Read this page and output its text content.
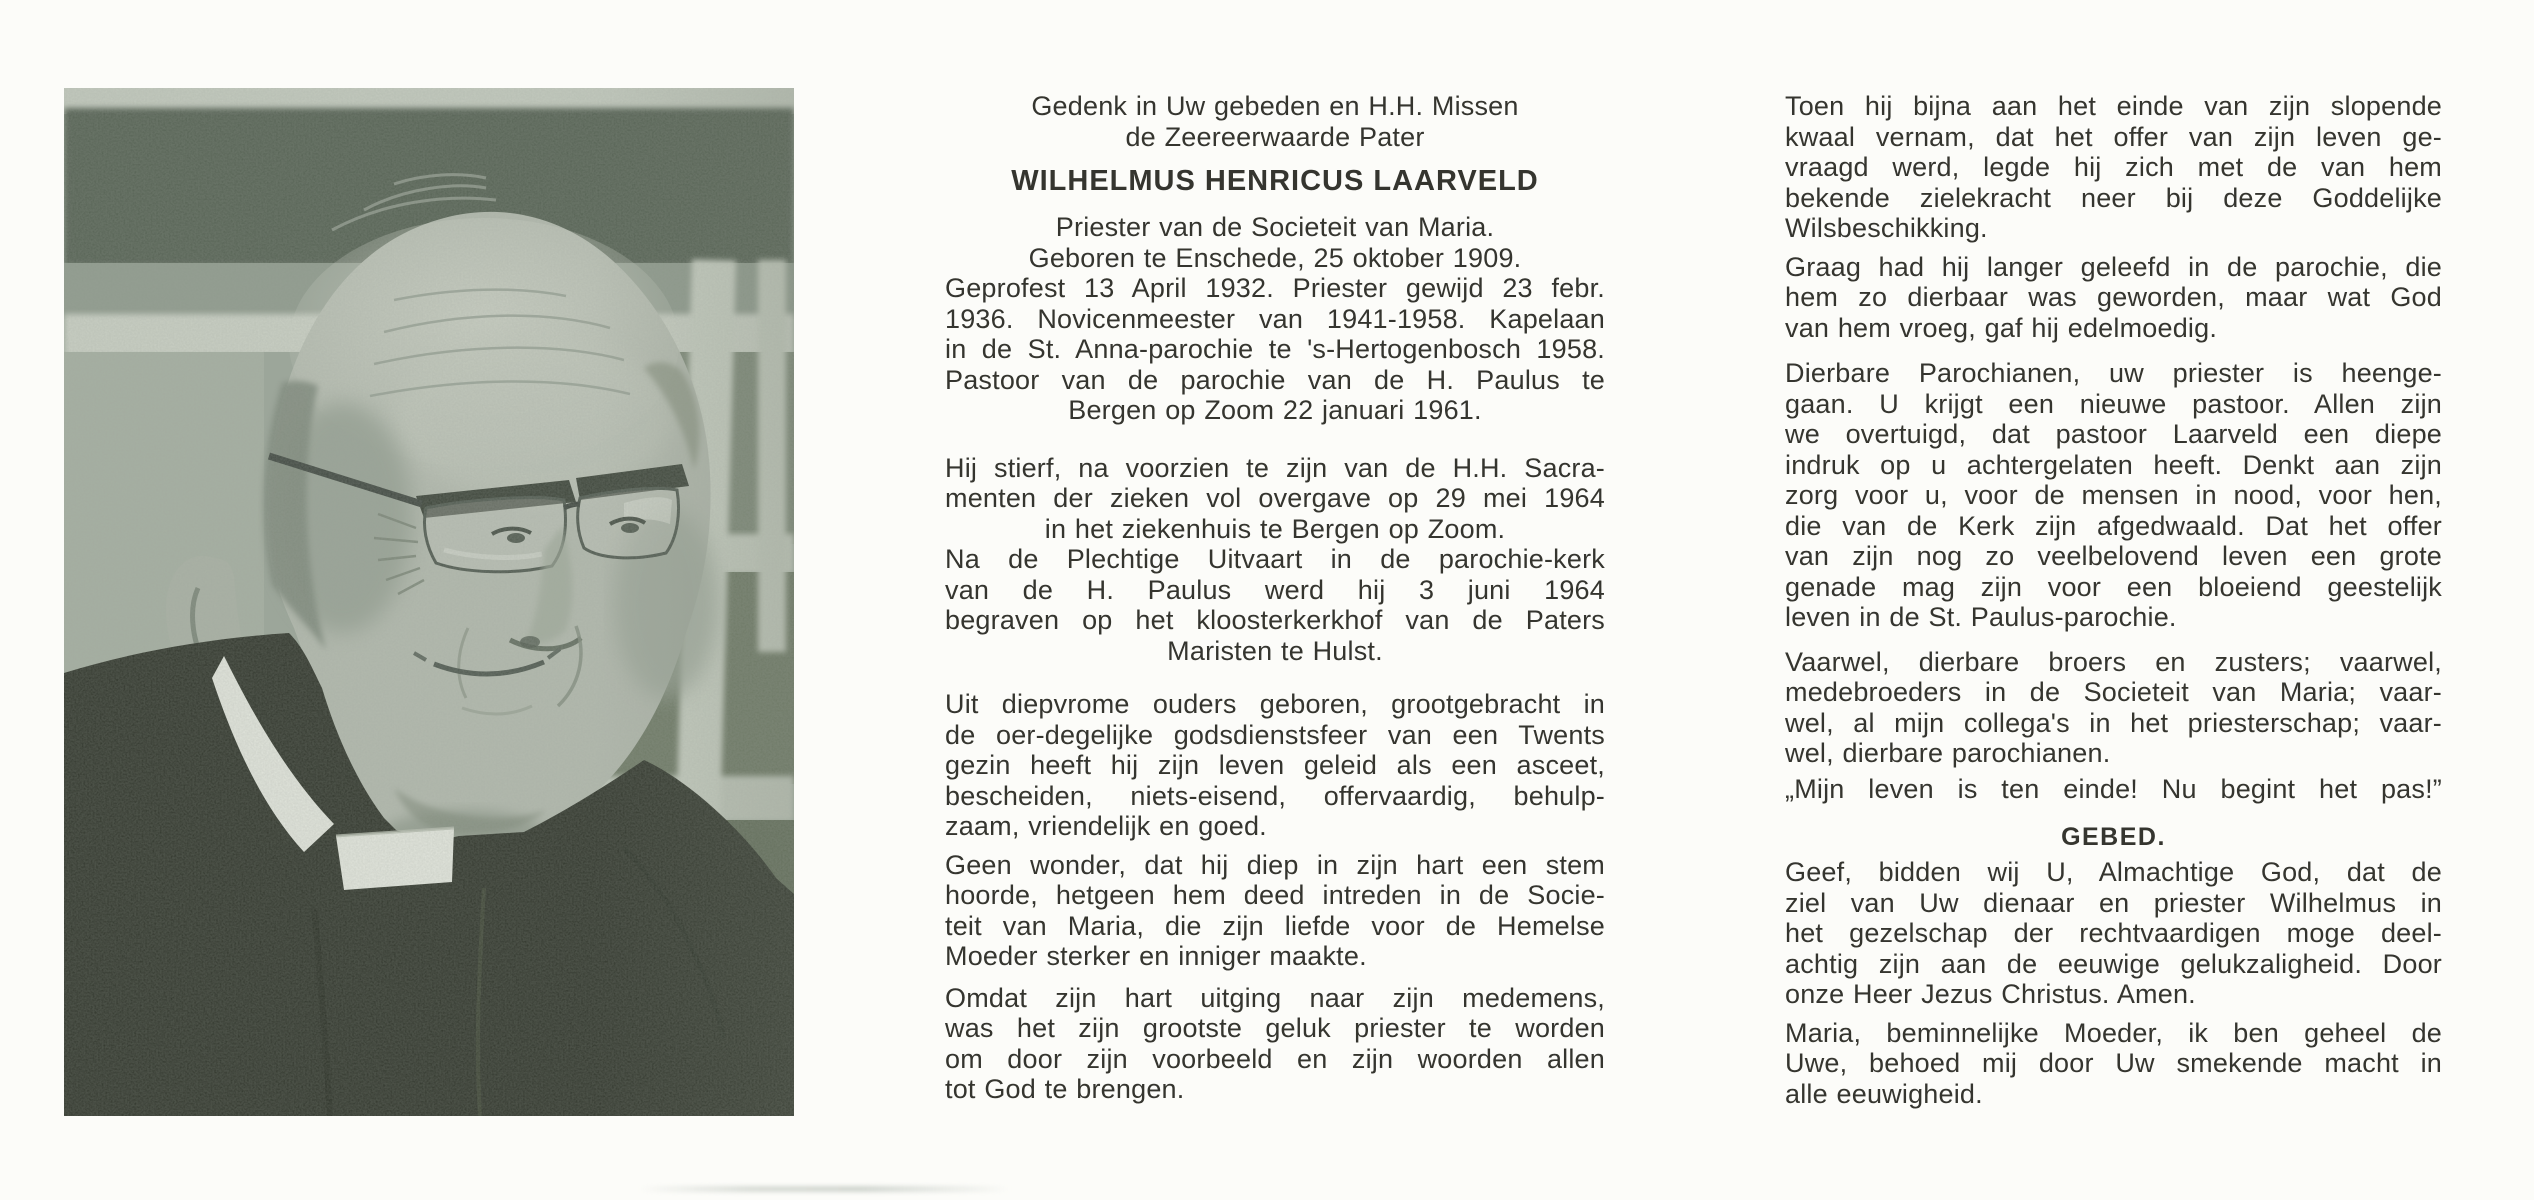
Gedenk in Uw gebeden en H.H. Missen
de Zeereerwaarde Pater
WILHELMUS HENRICUS LAARVELD
Priester van de Societeit van Maria.
Geboren te Enschede, 25 oktober 1909.
Geprofest 13 April 1932. Priester gewijd 23 febr.
1936. Novicenmeester van 1941-1958. Kapelaan
in de St. Anna-parochie te 's-Hertogenbosch 1958.
Pastoor van de parochie van de H. Paulus te
Bergen op Zoom 22 januari 1961.
Hij stierf, na voorzien te zijn van de H.H. Sacra-
menten der zieken vol overgave op 29 mei 1964
in het ziekenhuis te Bergen op Zoom.
Na de Plechtige Uitvaart in de parochie-kerk
van de H. Paulus werd hij 3 juni 1964
begraven op het kloosterkerkhof van de Paters
Maristen te Hulst.
Uit diepvrome ouders geboren, grootgebracht in
de oer-degelijke godsdienstsfeer van een Twents
gezin heeft hij zijn leven geleid als een asceet,
bescheiden, niets-eisend, offervaardig, behulp-
zaam, vriendelijk en goed.
Geen wonder, dat hij diep in zijn hart een stem
hoorde, hetgeen hem deed intreden in de Socie-
teit van Maria, die zijn liefde voor de Hemelse
Moeder sterker en inniger maakte.
Omdat zijn hart uitging naar zijn medemens,
was het zijn grootste geluk priester te worden
om door zijn voorbeeld en zijn woorden allen
tot God te brengen.
Toen hij bijna aan het einde van zijn slopende
kwaal vernam, dat het offer van zijn leven ge-
vraagd werd, legde hij zich met de van hem
bekende zielekracht neer bij deze Goddelijke
Wilsbeschikking.
Graag had hij langer geleefd in de parochie, die
hem zo dierbaar was geworden, maar wat God
van hem vroeg, gaf hij edelmoedig.
Dierbare Parochianen, uw priester is heenge-
gaan. U krijgt een nieuwe pastoor. Allen zijn
we overtuigd, dat pastoor Laarveld een diepe
indruk op u achtergelaten heeft. Denkt aan zijn
zorg voor u, voor de mensen in nood, voor hen,
die van de Kerk zijn afgedwaald. Dat het offer
van zijn nog zo veelbelovend leven een grote
genade mag zijn voor een bloeiend geestelijk
leven in de St. Paulus-parochie.
Vaarwel, dierbare broers en zusters; vaarwel,
medebroeders in de Societeit van Maria; vaar-
wel, al mijn collega's in het priesterschap; vaar-
wel, dierbare parochianen.
„Mijn leven is ten einde! Nu begint het pas!”
GEBED.
Geef, bidden wij U, Almachtige God, dat de
ziel van Uw dienaar en priester Wilhelmus in
het gezelschap der rechtvaardigen moge deel-
achtig zijn aan de eeuwige gelukzaligheid. Door
onze Heer Jezus Christus. Amen.
Maria, beminnelijke Moeder, ik ben geheel de
Uwe, behoed mij door Uw smekende macht in
alle eeuwigheid.
